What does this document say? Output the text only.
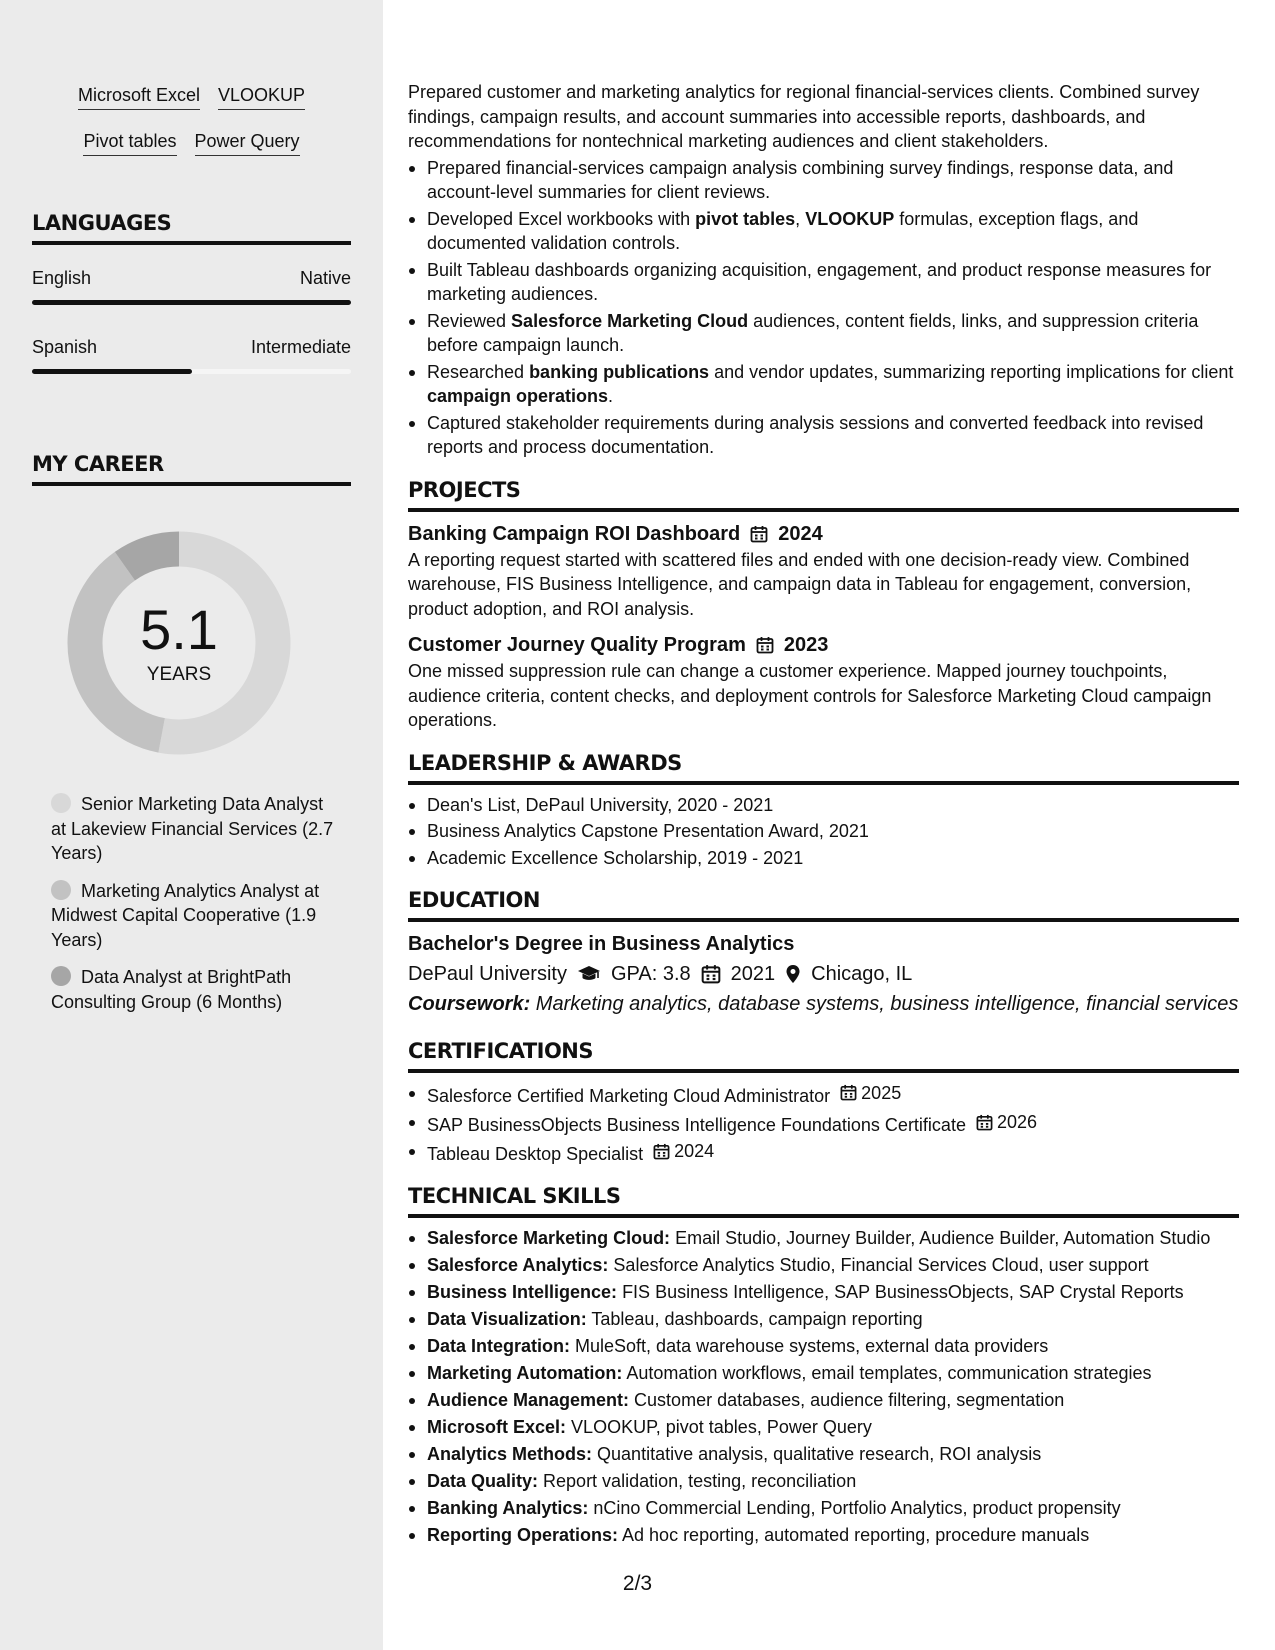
Microsoft Excel VLOOKUP
Pivot tables Power Query
LANGUAGES
English	Native
Spanish	Intermediate
MY CAREER
5.1
YEARS
Senior Marketing Data Analyst at Lakeview Financial Services (2.7 Years)
Marketing Analytics Analyst at Midwest Capital Cooperative (1.9 Years)
Data Analyst at BrightPath Consulting Group (6 Months)

Prepared customer and marketing analytics for regional financial-services clients. Combined survey findings, campaign results, and account summaries into accessible reports, dashboards, and recommendations for nontechnical marketing audiences and client stakeholders.

Prepared financial-services campaign analysis combining survey findings, response data, and account-level summaries for client reviews.
Developed Excel workbooks with pivot tables, VLOOKUP formulas, exception flags, and documented validation controls.
Built Tableau dashboards organizing acquisition, engagement, and product response measures for marketing audiences.
Reviewed Salesforce Marketing Cloud audiences, content fields, links, and suppression criteria before campaign launch.
Researched banking publications and vendor updates, summarizing reporting implications for client campaign operations.
Captured stakeholder requirements during analysis sessions and converted feedback into revised reports and process documentation.
PROJECTS
Banking Campaign ROI Dashboard 2024

A reporting request started with scattered files and ended with one decision-ready view. Combined warehouse, FIS Business Intelligence, and campaign data in Tableau for engagement, conversion, product adoption, and ROI analysis.

Customer Journey Quality Program 2023

One missed suppression rule can change a customer experience. Mapped journey touchpoints, audience criteria, content checks, and deployment controls for Salesforce Marketing Cloud campaign operations.

LEADERSHIP & AWARDS
Dean's List, DePaul University, 2020 - 2021
Business Analytics Capstone Presentation Award, 2021
Academic Excellence Scholarship, 2019 - 2021
EDUCATION
Bachelor's Degree in Business Analytics
DePaul University GPA: 3.8 2021 Chicago, IL

Coursework: Marketing analytics, database systems, business intelligence, financial services

CERTIFICATIONS
Salesforce Certified Marketing Cloud Administrator 2025
SAP BusinessObjects Business Intelligence Foundations Certificate 2026
Tableau Desktop Specialist 2024
TECHNICAL SKILLS
Salesforce Marketing Cloud: Email Studio, Journey Builder, Audience Builder, Automation Studio
Salesforce Analytics: Salesforce Analytics Studio, Financial Services Cloud, user support
Business Intelligence: FIS Business Intelligence, SAP BusinessObjects, SAP Crystal Reports
Data Visualization: Tableau, dashboards, campaign reporting
Data Integration: MuleSoft, data warehouse systems, external data providers
Marketing Automation: Automation workflows, email templates, communication strategies
Audience Management: Customer databases, audience filtering, segmentation
Microsoft Excel: VLOOKUP, pivot tables, Power Query
Analytics Methods: Quantitative analysis, qualitative research, ROI analysis
Data Quality: Report validation, testing, reconciliation
Banking Analytics: nCino Commercial Lending, Portfolio Analytics, product propensity
Reporting Operations: Ad hoc reporting, automated reporting, procedure manuals
2/3
